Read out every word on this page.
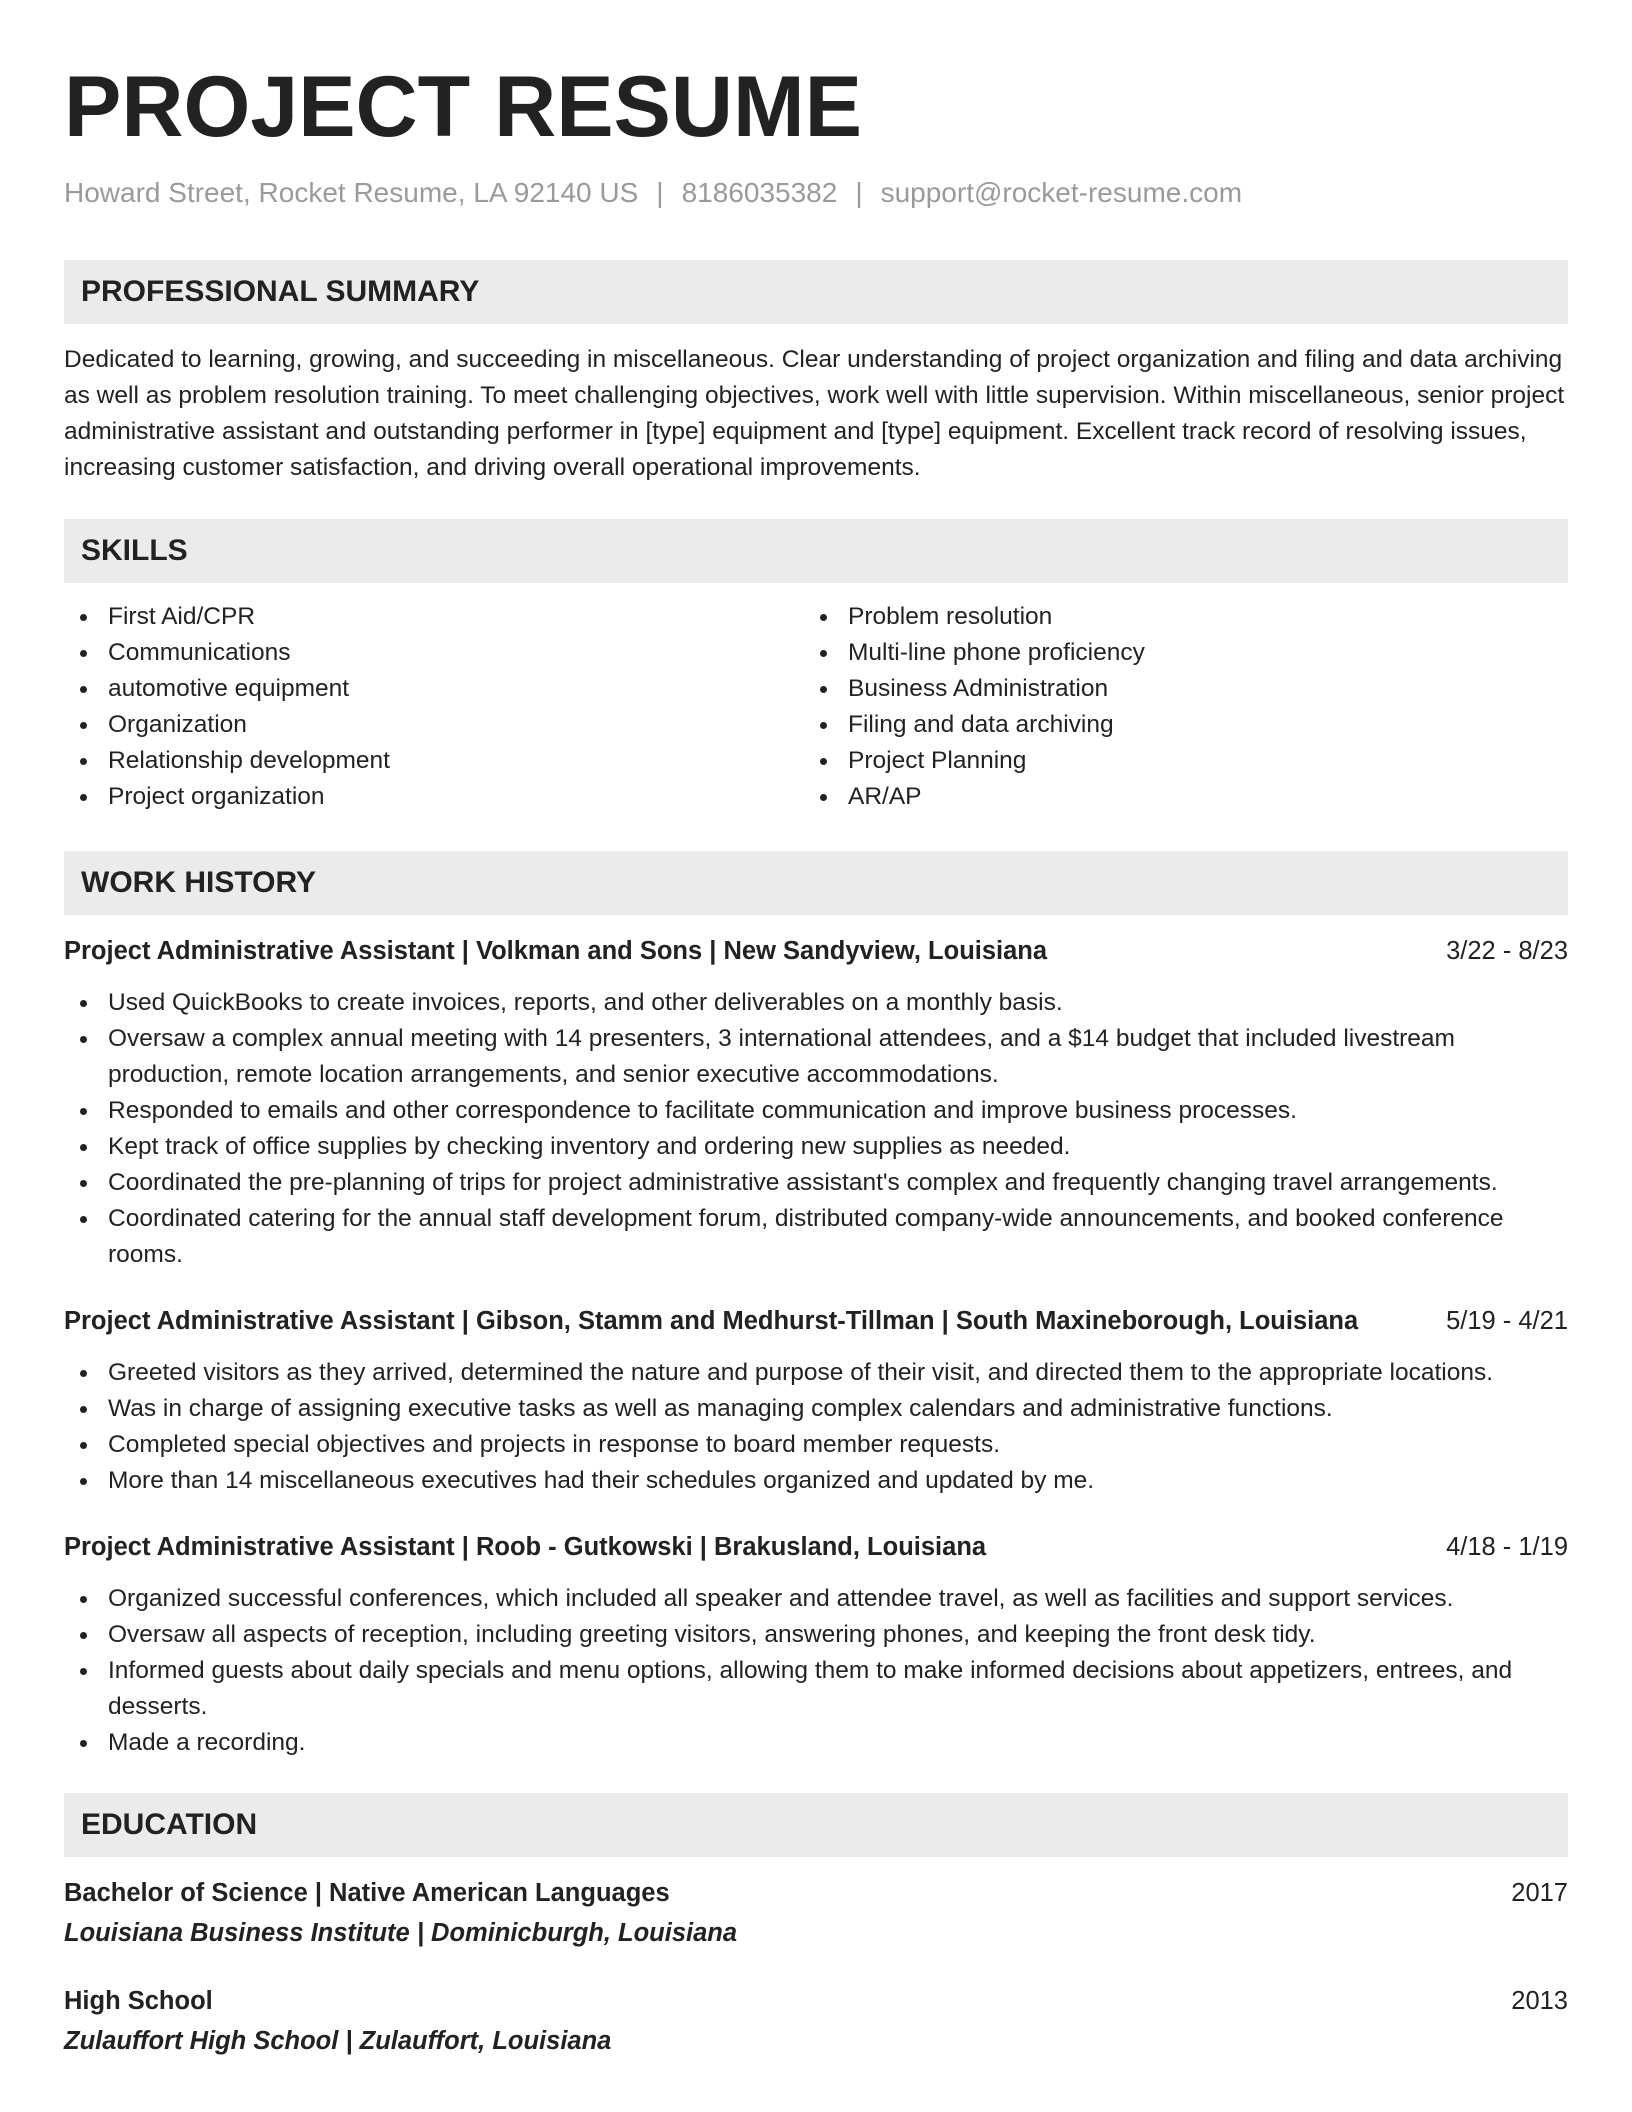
PROJECT RESUME
Howard Street, Rocket Resume, LA 92140 US | 8186035382 | support@rocket-resume.com
PROFESSIONAL SUMMARY
Dedicated to learning, growing, and succeeding in miscellaneous. Clear understanding of project organization and filing and data archiving as well as problem resolution training. To meet challenging objectives, work well with little supervision. Within miscellaneous, senior project administrative assistant and outstanding performer in [type] equipment and [type] equipment. Excellent track record of resolving issues, increasing customer satisfaction, and driving overall operational improvements.
SKILLS
First Aid/CPR
Communications
automotive equipment
Organization
Relationship development
Project organization
Problem resolution
Multi-line phone proficiency
Business Administration
Filing and data archiving
Project Planning
AR/AP
WORK HISTORY
Project Administrative Assistant | Volkman and Sons | New Sandyview, Louisiana	3/22 - 8/23
Used QuickBooks to create invoices, reports, and other deliverables on a monthly basis.
Oversaw a complex annual meeting with 14 presenters, 3 international attendees, and a $14 budget that included livestream production, remote location arrangements, and senior executive accommodations.
Responded to emails and other correspondence to facilitate communication and improve business processes.
Kept track of office supplies by checking inventory and ordering new supplies as needed.
Coordinated the pre-planning of trips for project administrative assistant's complex and frequently changing travel arrangements.
Coordinated catering for the annual staff development forum, distributed company-wide announcements, and booked conference rooms.
Project Administrative Assistant | Gibson, Stamm and Medhurst-Tillman | South Maxineborough, Louisiana	5/19 - 4/21
Greeted visitors as they arrived, determined the nature and purpose of their visit, and directed them to the appropriate locations.
Was in charge of assigning executive tasks as well as managing complex calendars and administrative functions.
Completed special objectives and projects in response to board member requests.
More than 14 miscellaneous executives had their schedules organized and updated by me.
Project Administrative Assistant | Roob - Gutkowski | Brakusland, Louisiana	4/18 - 1/19
Organized successful conferences, which included all speaker and attendee travel, as well as facilities and support services.
Oversaw all aspects of reception, including greeting visitors, answering phones, and keeping the front desk tidy.
Informed guests about daily specials and menu options, allowing them to make informed decisions about appetizers, entrees, and desserts.
Made a recording.
EDUCATION
Bachelor of Science | Native American Languages	2017
Louisiana Business Institute | Dominicburgh, Louisiana
High School	2013
Zulauffort High School | Zulauffort, Louisiana
